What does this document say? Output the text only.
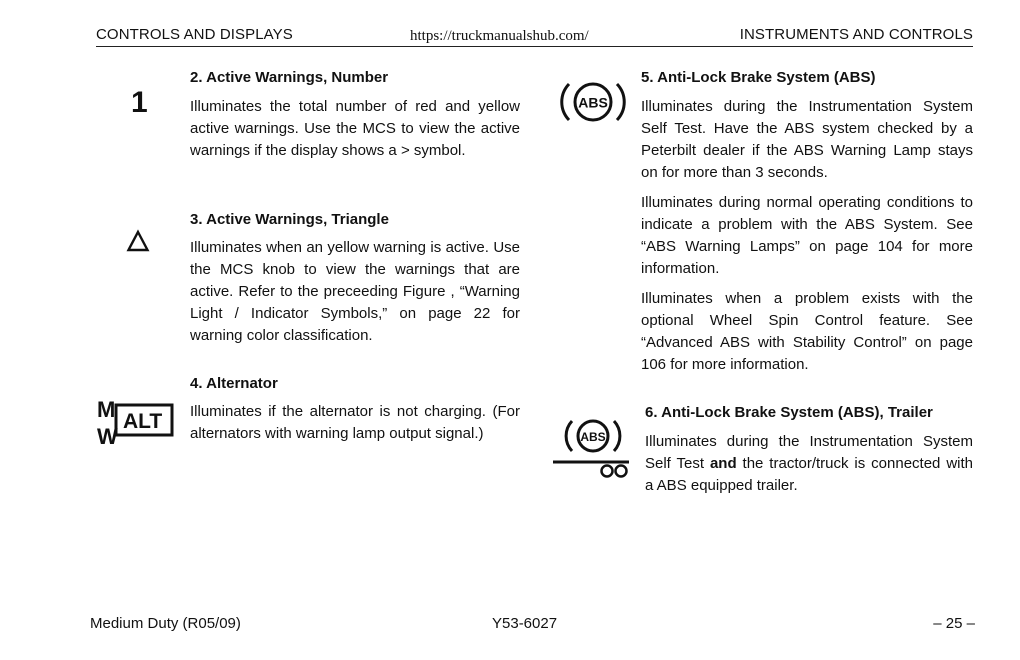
CONTROLS AND DISPLAYS	https://truckmanualshub.com/	INSTRUMENTS AND CONTROLS
1
2. Active Warnings, Number

Illuminates the total number of red and yellow active warnings. Use the MCS to view the active warnings if the display shows a > symbol.

3. Active Warnings, Triangle

Illuminates when an yellow warning is active. Use the MCS knob to view the warnings that are active. Refer to the preceeding Figure , “Warning Light / Indicator Symbols,” on page 22 for warning color classification.

M
W
ALT
4. Alternator

Illuminates if the alternator is not charging. (For alternators with warning lamp output signal.)

ABS
5. Anti-Lock Brake System (ABS)

Illuminates during the Instrumentation System Self Test. Have the ABS system checked by a Peterbilt dealer if the ABS Warning Lamp stays on for more than 3 seconds.

Illuminates during normal operating conditions to indicate a problem with the ABS System. See “ABS Warning Lamps” on page 104 for more information.

Illuminates when a problem exists with the optional Wheel Spin Control feature. See “Advanced ABS with Stability Control” on page 106 for more information.

ABS
6. Anti-Lock Brake System (ABS), Trailer

Illuminates during the Instrumentation System Self Test and the tractor/truck is connected with a ABS equipped trailer.

Medium Duty (R05/09)	Y53-6027	– 25 –
